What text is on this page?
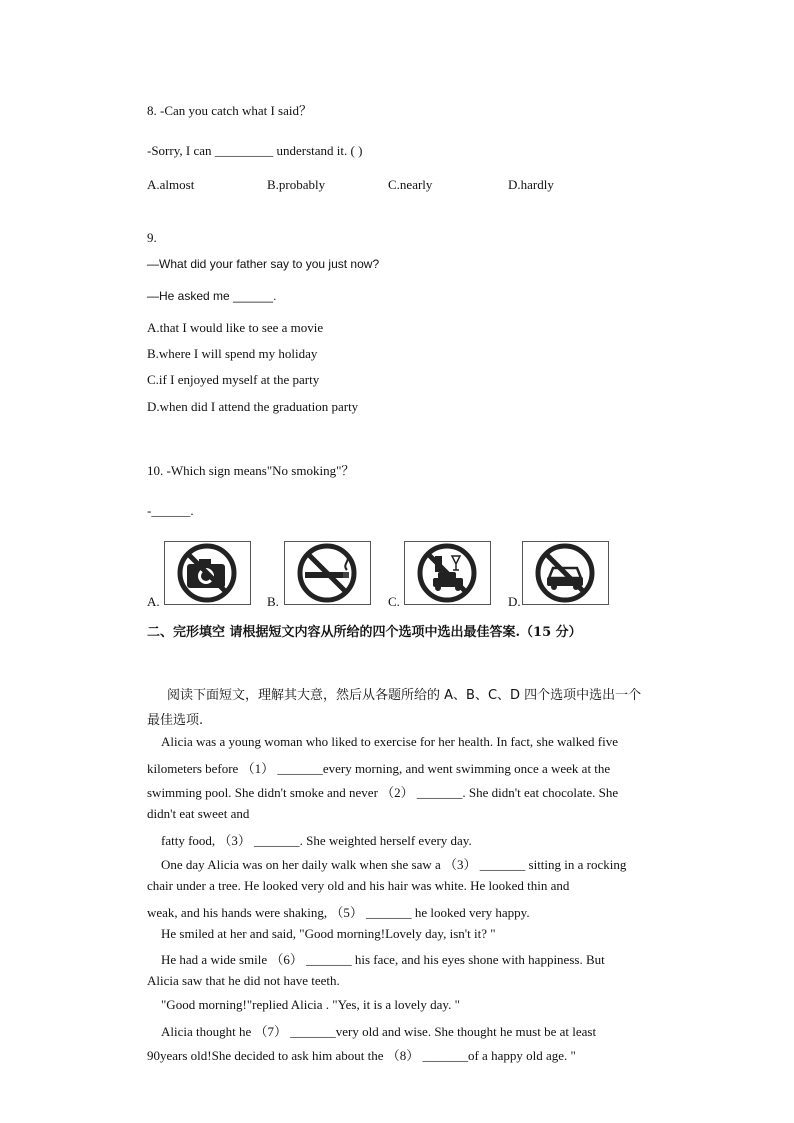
8. -Can you catch what I said？
-Sorry, I can _________ understand it. ( )
A.almost	B.probably	C.nearly	D.hardly
9.
—What did your father say to you just now?
—He asked me ______.
A.that I would like to see a movie
B.where I will spend my holiday
C.if I enjoyed myself at the party
D.when did I attend the graduation party
10. -Which sign means"No smoking"？
-______.
A.	B.	C.	D.
二、完形填空 请根据短文内容从所给的四个选项中选出最佳答案.（15 分）
阅读下面短文，理解其大意，然后从各题所给的 A、B、C、D 四个选项中选出一个
最佳选项.
Alicia was a young woman who liked to exercise for her health. In fact, she walked five
kilometers before （1） _______every morning, and went swimming once a week at the
swimming pool. She didn't smoke and never （2） _______. She didn't eat chocolate. She
didn't eat sweet and
fatty food, （3） _______. She weighted herself every day.
One day Alicia was on her daily walk when she saw a （3） _______ sitting in a rocking
chair under a tree. He looked very old and his hair was white. He looked thin and
weak, and his hands were shaking, （5） _______ he looked very happy.
He smiled at her and said, "Good morning!Lovely day, isn't it? "
He had a wide smile （6） _______ his face, and his eyes shone with happiness. But
Alicia saw that he did not have teeth.
"Good morning!"replied Alicia . "Yes, it is a lovely day. "
Alicia thought he （7） _______very old and wise. She thought he must be at least
90years old!She decided to ask him about the （8） _______of a happy old age. "
